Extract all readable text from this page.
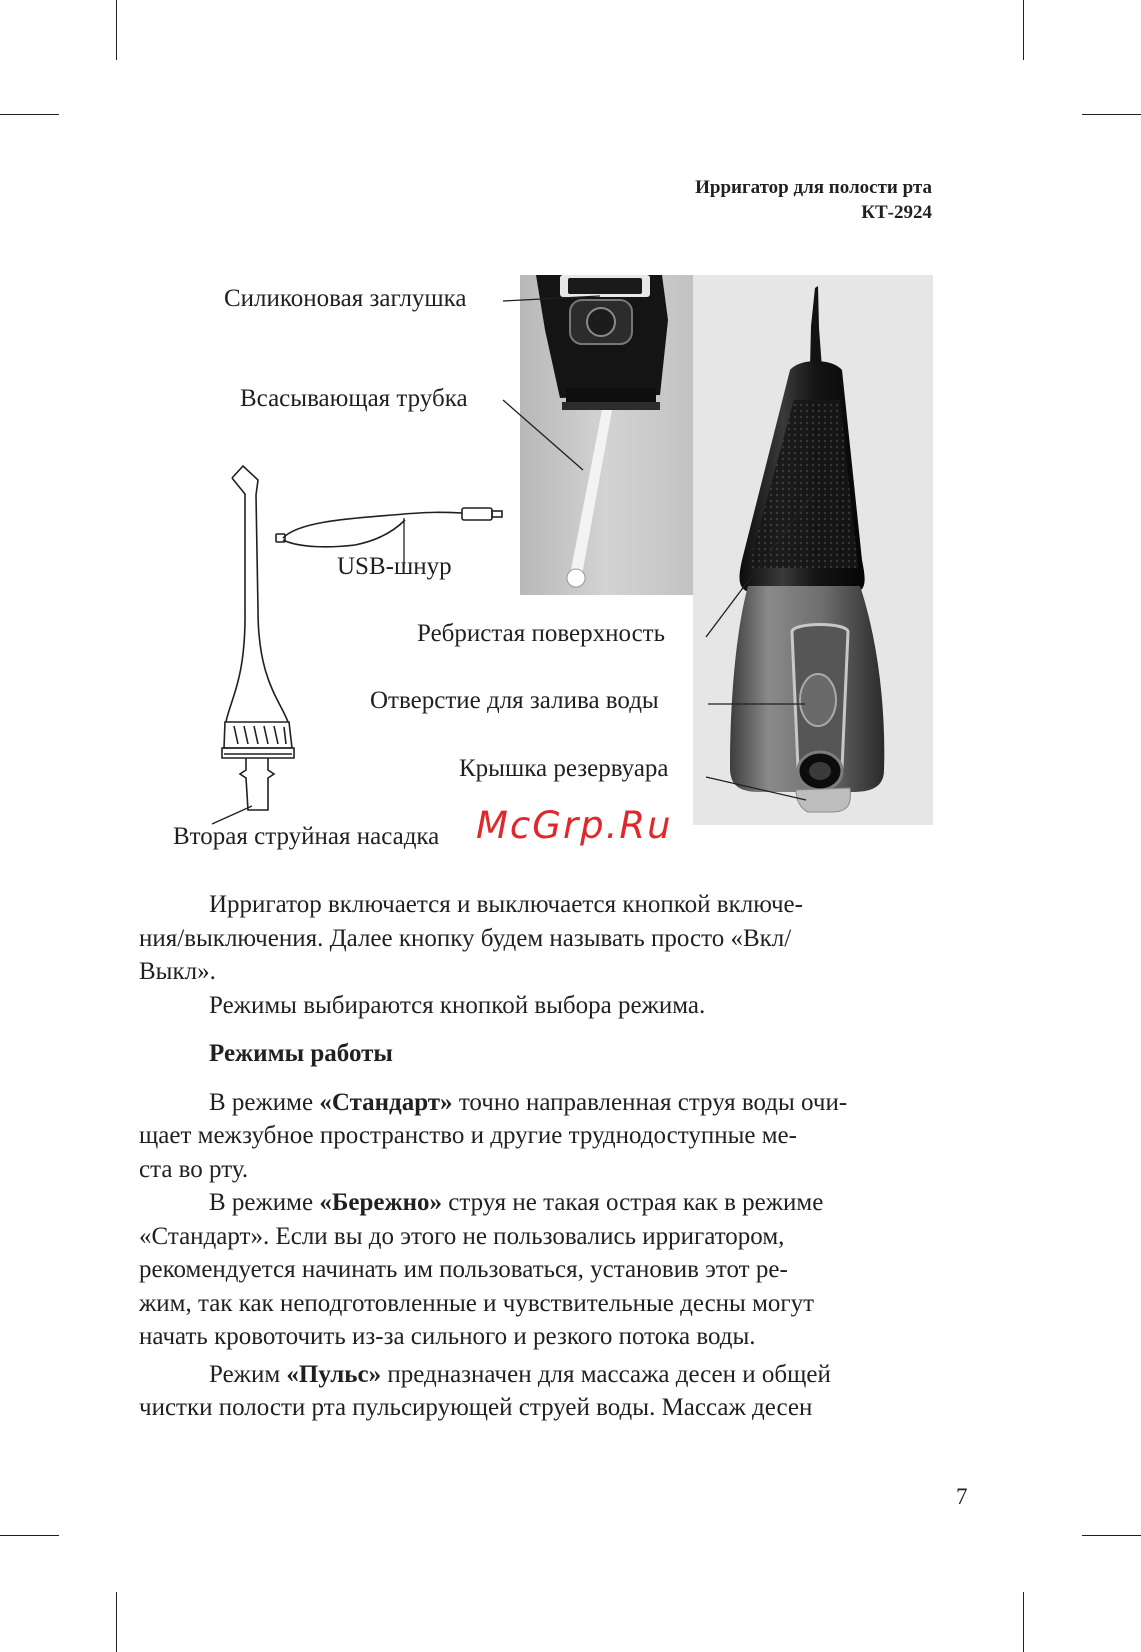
Ирригатор для полости рта
КТ-2924
Силиконовая заглушка
Всасывающая трубка
USB-шнур
Ребристая поверхность
Отверстие для залива воды
Крышка резервуара
Вторая струйная насадка McGrp.Ru

Ирригатор включается и выключается кнопкой включе-
ния/выключения. Далее кнопку будем называть просто «Вкл/
Выкл».

Режимы выбираются кнопкой выбора режима.

Режимы работы

В режиме «Стандарт» точно направленная струя воды очи-
щает межзубное пространство и другие труднодоступные ме-
ста во рту.

В режиме «Бережно» струя не такая острая как в режиме
«Стандарт». Если вы до этого не пользовались ирригатором,
рекомендуется начинать им пользоваться, установив этот ре-
жим, так как неподготовленные и чувствительные десны могут
начать кровоточить из-за сильного и резкого потока воды.

Режим «Пульс» предназначен для массажа десен и общей
чистки полости рта пульсирующей струей воды. Массаж десен

7
